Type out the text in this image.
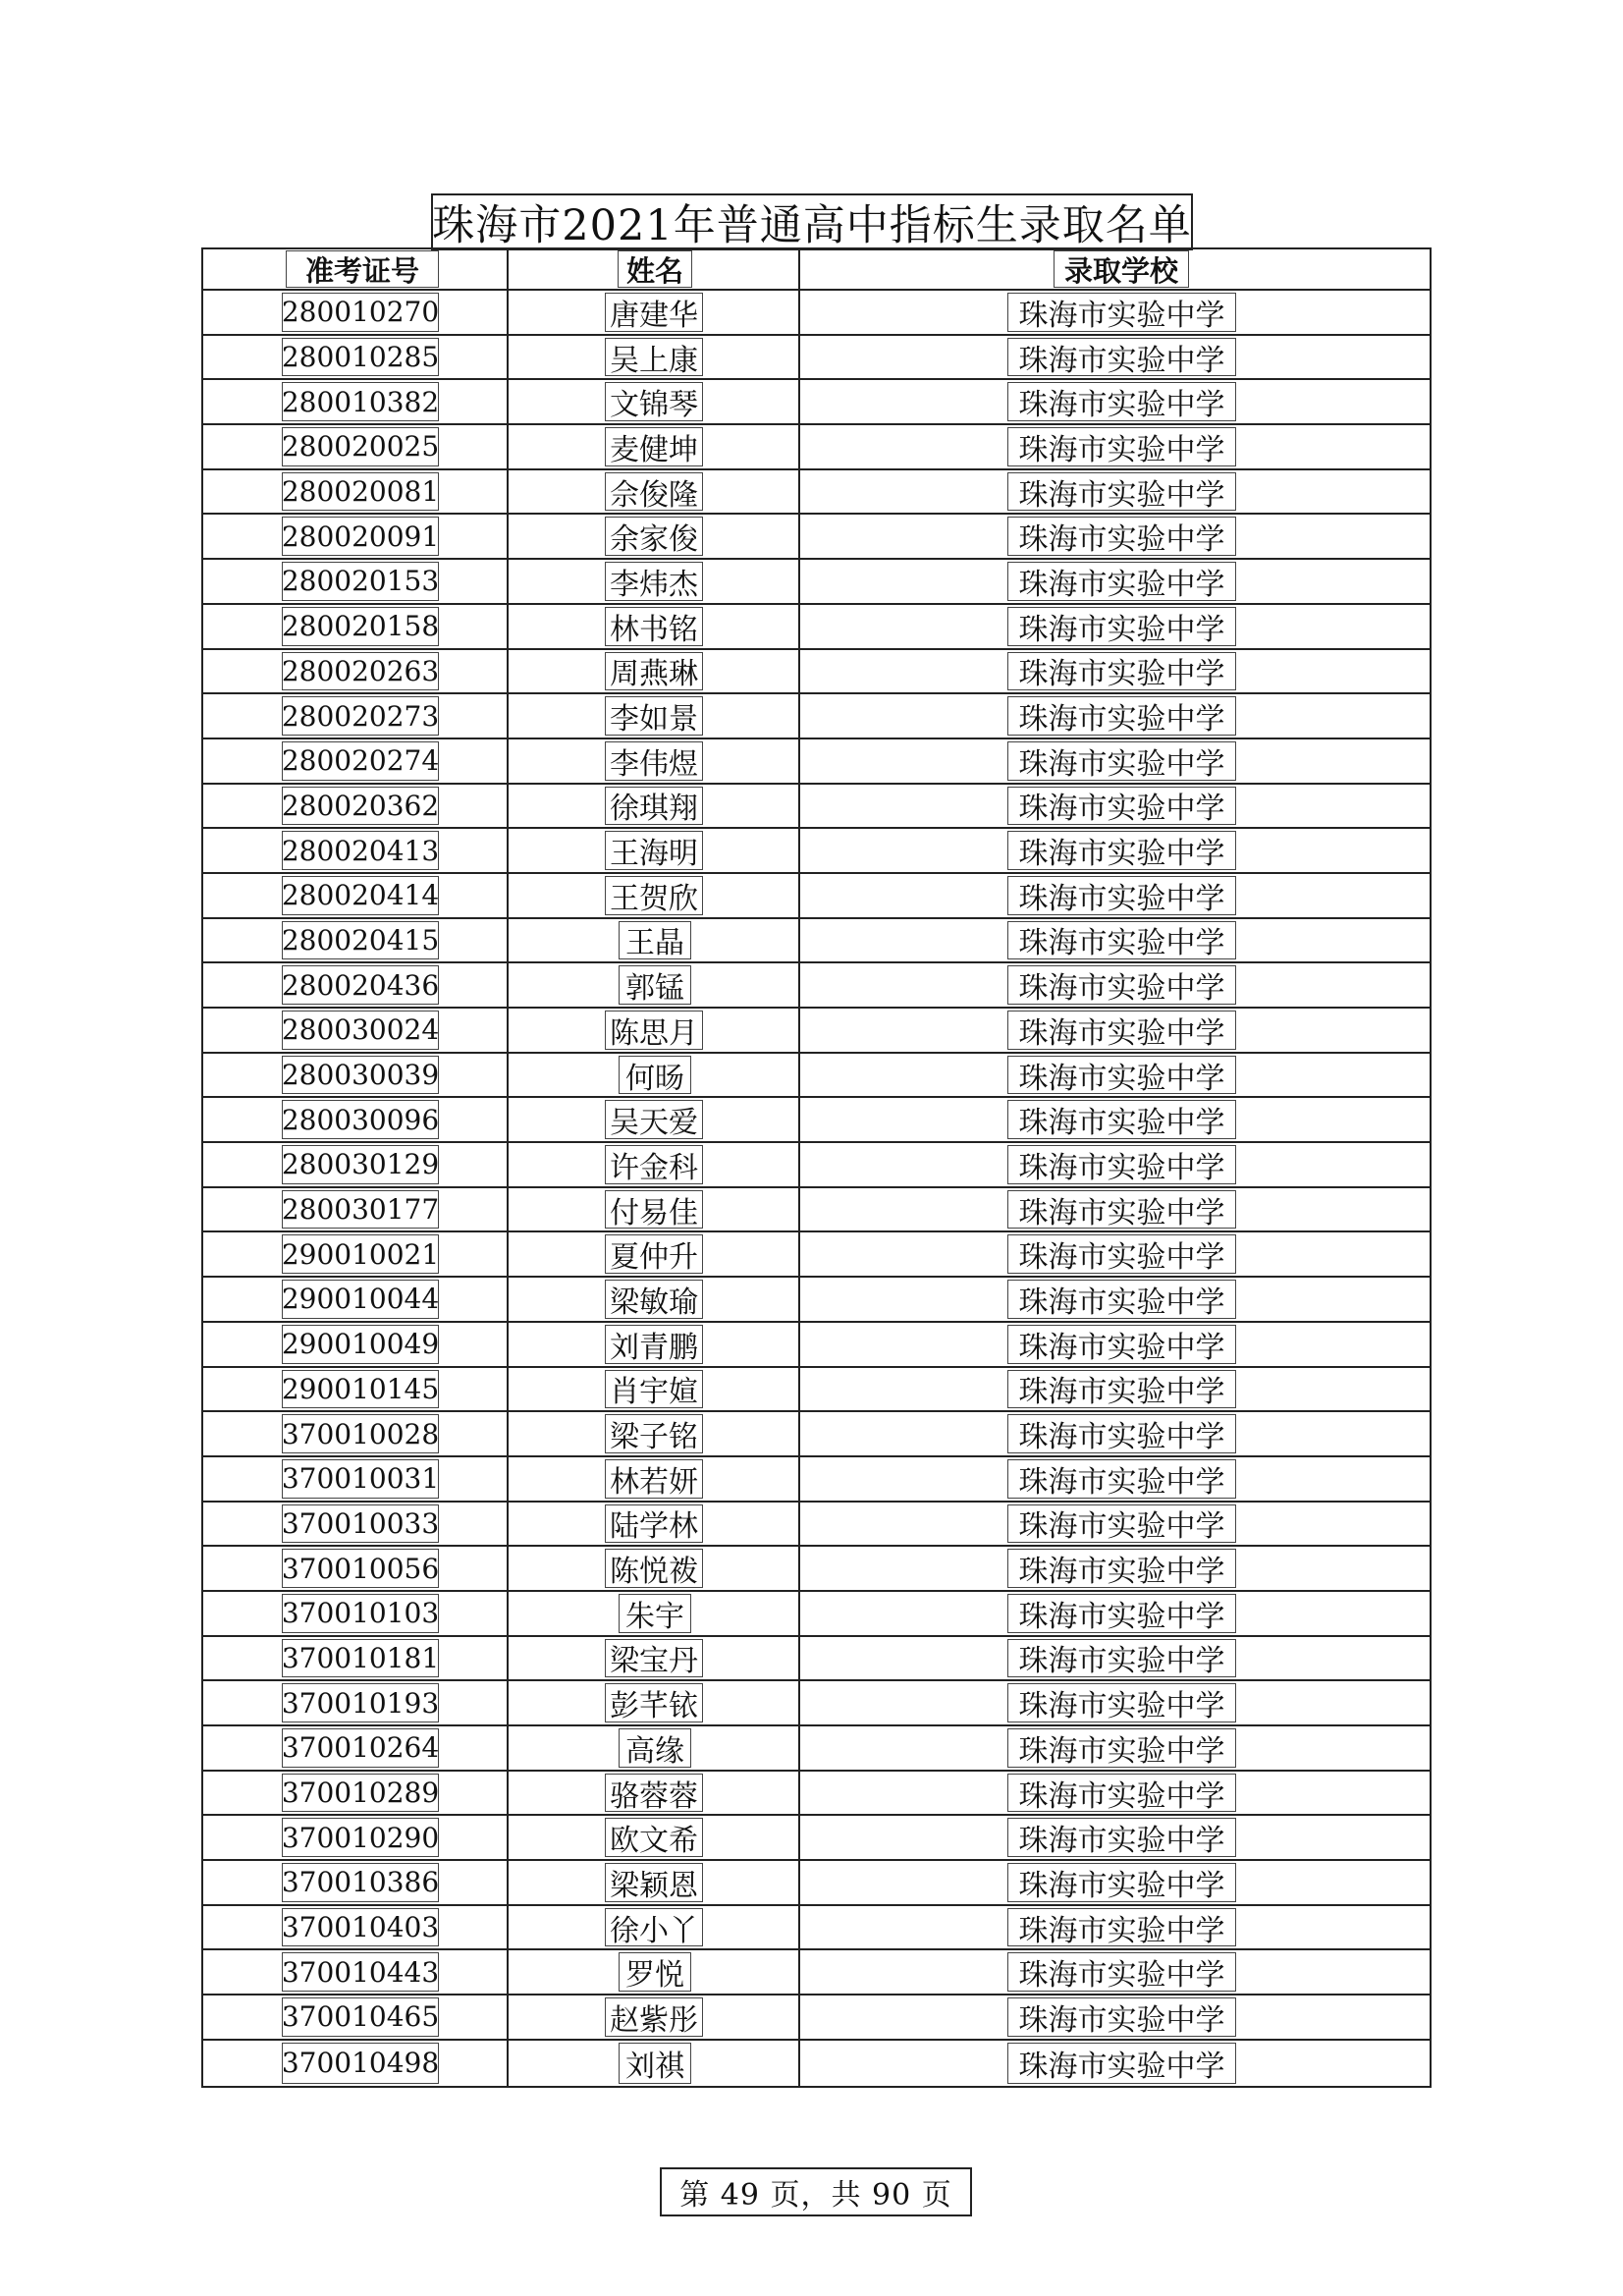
珠海市2021年普通高中指标生录取名单
准考证号	姓名	录取学校
280010270	唐建华	珠海市实验中学
280010285	吴上康	珠海市实验中学
280010382	文锦琴	珠海市实验中学
280020025	麦健坤	珠海市实验中学
280020081	佘俊隆	珠海市实验中学
280020091	余家俊	珠海市实验中学
280020153	李炜杰	珠海市实验中学
280020158	林书铭	珠海市实验中学
280020263	周燕琳	珠海市实验中学
280020273	李如景	珠海市实验中学
280020274	李伟煜	珠海市实验中学
280020362	徐琪翔	珠海市实验中学
280020413	王海明	珠海市实验中学
280020414	王贺欣	珠海市实验中学
280020415	王晶	珠海市实验中学
280020436	郭锰	珠海市实验中学
280030024	陈思月	珠海市实验中学
280030039	何旸	珠海市实验中学
280030096	吴天爱	珠海市实验中学
280030129	许金科	珠海市实验中学
280030177	付易佳	珠海市实验中学
290010021	夏仲升	珠海市实验中学
290010044	梁敏瑜	珠海市实验中学
290010049	刘青鹏	珠海市实验中学
290010145	肖宇媗	珠海市实验中学
370010028	梁子铭	珠海市实验中学
370010031	林若妍	珠海市实验中学
370010033	陆学林	珠海市实验中学
370010056	陈悦袯	珠海市实验中学
370010103	朱宇	珠海市实验中学
370010181	梁宝丹	珠海市实验中学
370010193	彭芊铱	珠海市实验中学
370010264	高缘	珠海市实验中学
370010289	骆蓉蓉	珠海市实验中学
370010290	欧文希	珠海市实验中学
370010386	梁颖恩	珠海市实验中学
370010403	徐小丫	珠海市实验中学
370010443	罗悦	珠海市实验中学
370010465	赵紫彤	珠海市实验中学
370010498	刘祺	珠海市实验中学
第 49 页，共 90 页
